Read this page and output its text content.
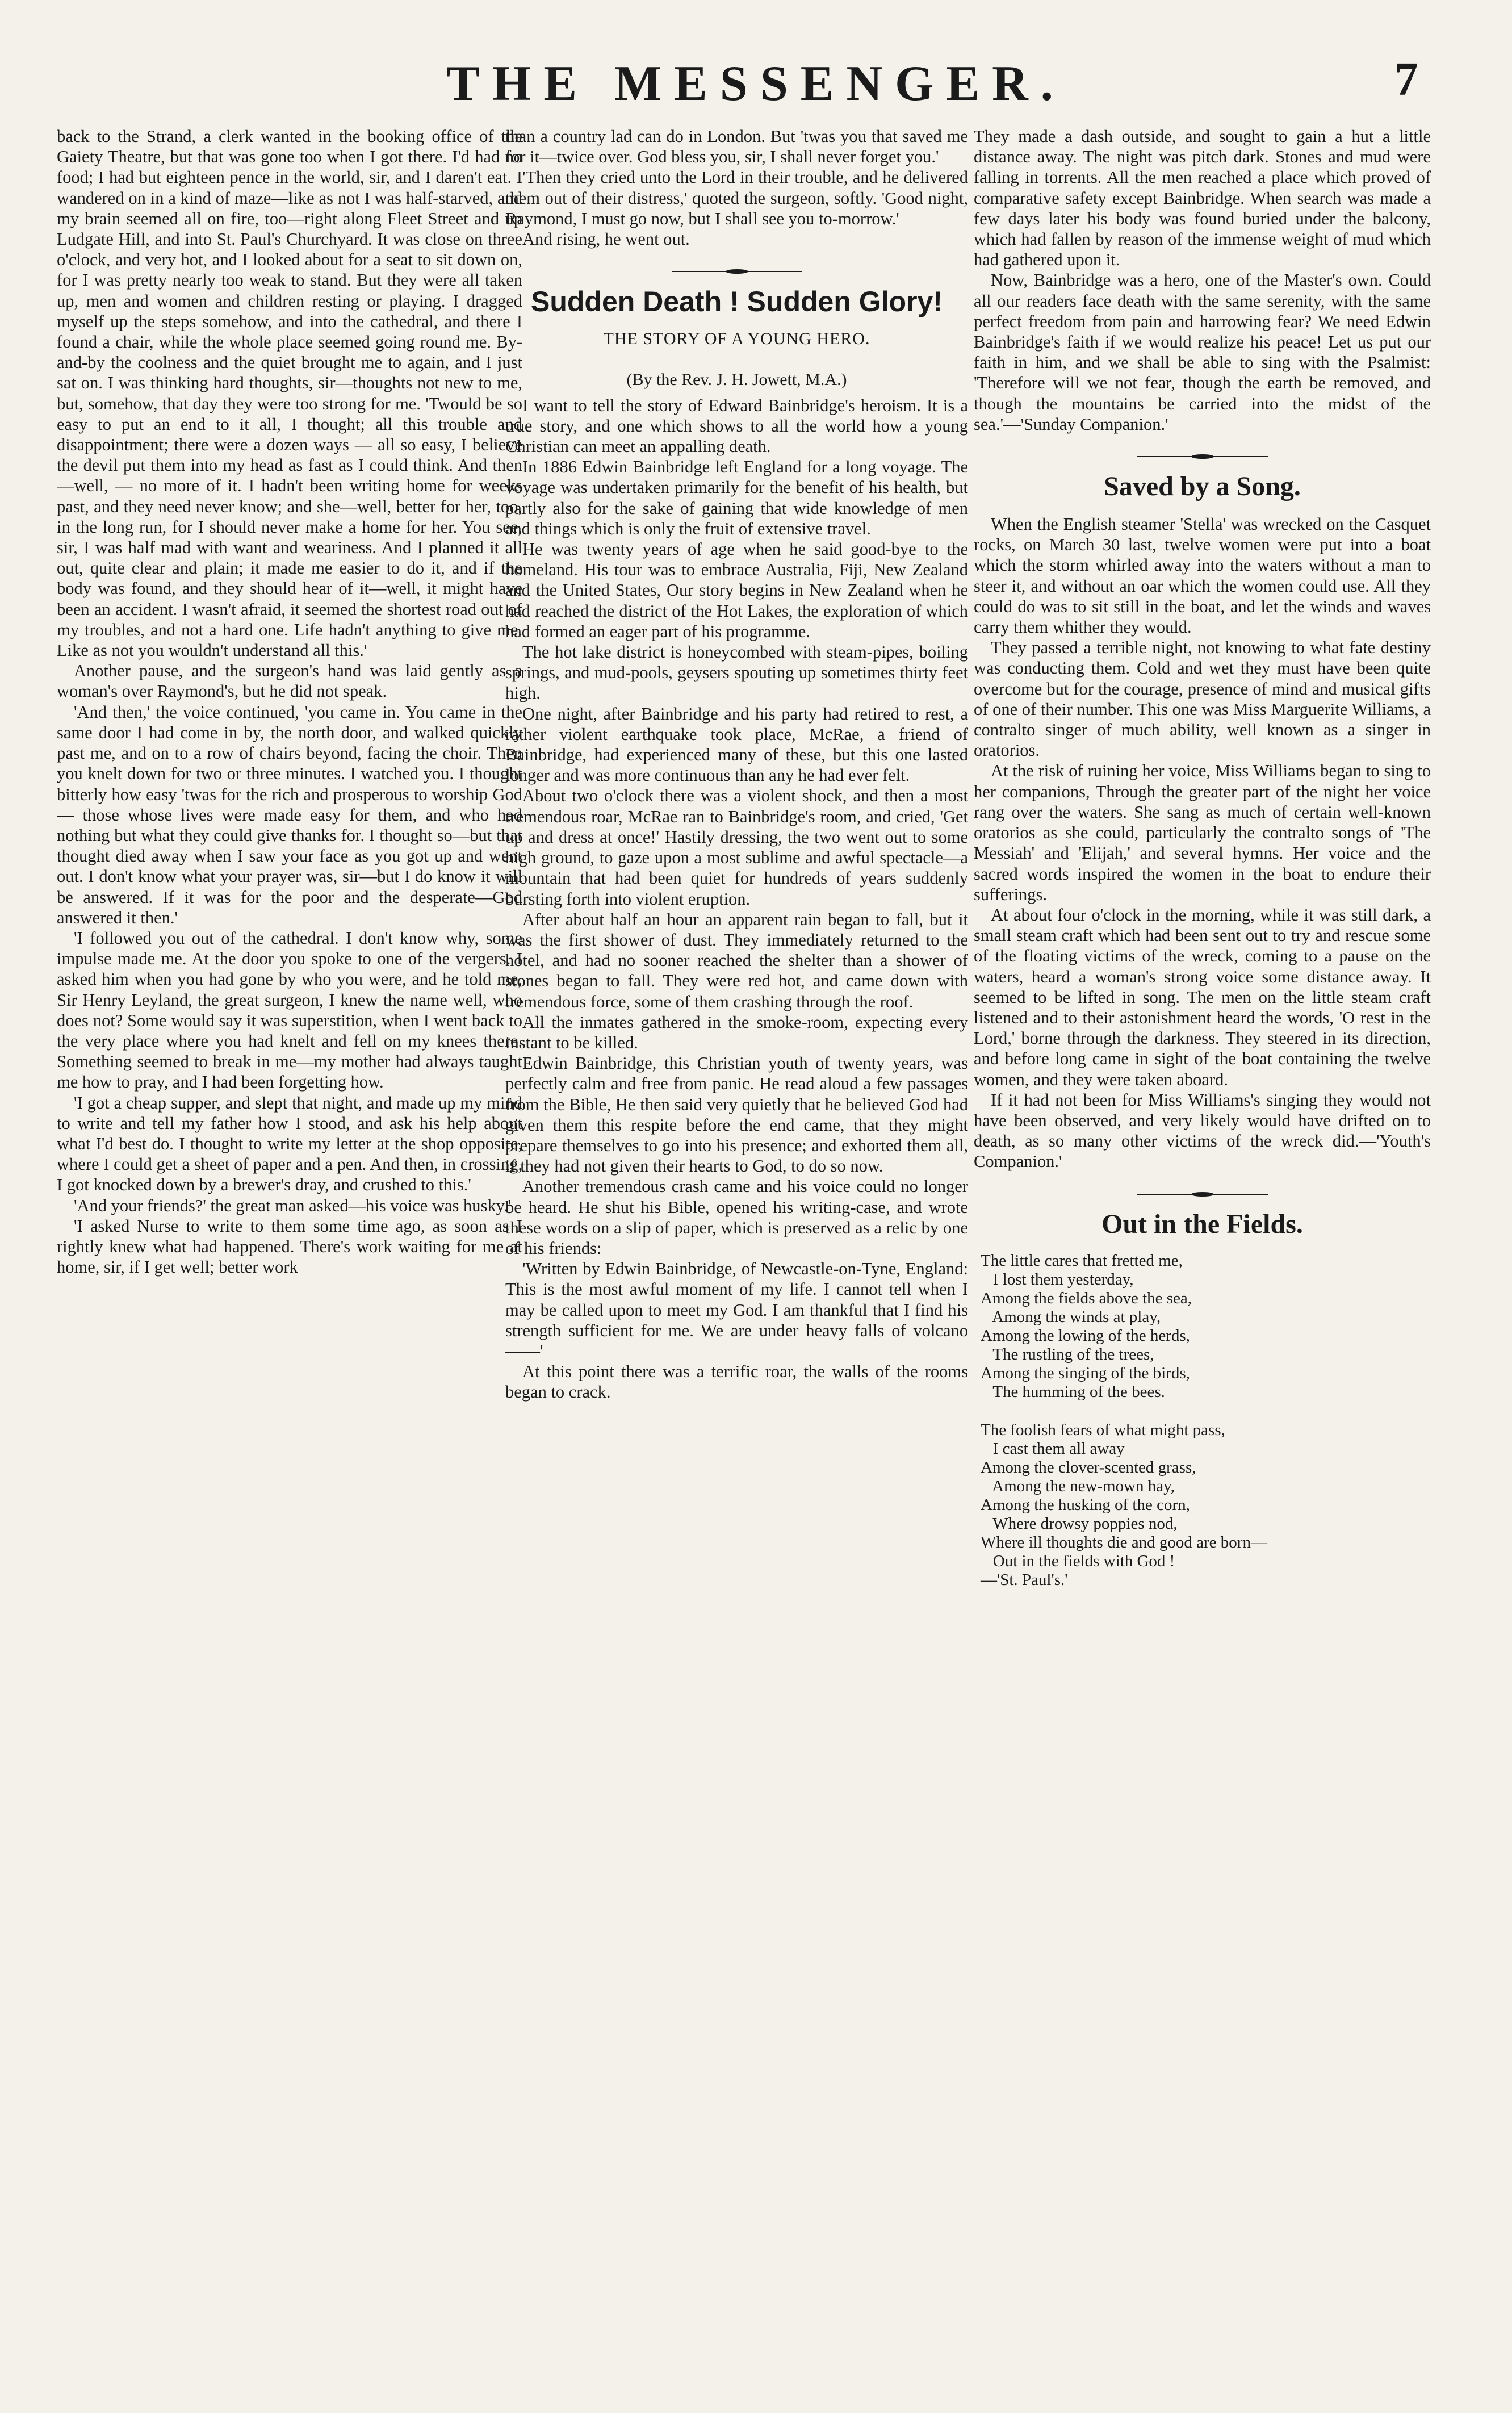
THE MESSENGER.	7

back to the Strand, a clerk wanted in the booking office of the Gaiety Theatre, but that was gone too when I got there. I'd had no food; I had but eighteen pence in the world, sir, and I daren't eat. I wandered on in a kind of maze—like as not I was half-starved, and my brain seemed all on fire, too—right along Fleet Street and up Ludgate Hill, and into St. Paul's Churchyard. It was close on three o'clock, and very hot, and I looked about for a seat to sit down on, for I was pretty nearly too weak to stand. But they were all taken up, men and women and children resting or playing. I dragged myself up the steps somehow, and into the cathedral, and there I found a chair, while the whole place seemed going round me. By-and-by the coolness and the quiet brought me to again, and I just sat on. I was thinking hard thoughts, sir—thoughts not new to me, but, somehow, that day they were too strong for me. 'Twould be so easy to put an end to it all, I thought; all this trouble and disappointment; there were a dozen ways — all so easy, I believe the devil put them into my head as fast as I could think. And then—well, — no more of it. I hadn't been writing home for weeks past, and they need never know; and she—well, better for her, too, in the long run, for I should never make a home for her. You see, sir, I was half mad with want and weariness. And I planned it all out, quite clear and plain; it made me easier to do it, and if the body was found, and they should hear of it—well, it might have been an accident. I wasn't afraid, it seemed the shortest road out of my troubles, and not a hard one. Life hadn't anything to give me. Like as not you wouldn't understand all this.'

Another pause, and the surgeon's hand was laid gently as a woman's over Raymond's, but he did not speak.

'And then,' the voice continued, 'you came in. You came in the same door I had come in by, the north door, and walked quickly past me, and on to a row of chairs beyond, facing the choir. Then you knelt down for two or three minutes. I watched you. I thought bitterly how easy 'twas for the rich and prosperous to worship God — those whose lives were made easy for them, and who had nothing but what they could give thanks for. I thought so—but that thought died away when I saw your face as you got up and went out. I don't know what your prayer was, sir—but I do know it will be answered. If it was for the poor and the desperate—God answered it then.'

'I followed you out of the cathedral. I don't know why, some impulse made me. At the door you spoke to one of the vergers. I asked him when you had gone by who you were, and he told me, Sir Henry Leyland, the great surgeon, I knew the name well, who does not? Some would say it was superstition, when I went back to the very place where you had knelt and fell on my knees there. Something seemed to break in me—my mother had always taught me how to pray, and I had been forgetting how.

'I got a cheap supper, and slept that night, and made up my mind to write and tell my father how I stood, and ask his help about what I'd best do. I thought to write my letter at the shop opposite, where I could get a sheet of paper and a pen. And then, in crossing, I got knocked down by a brewer's dray, and crushed to this.'

'And your friends?' the great man asked—his voice was husky.'

'I asked Nurse to write to them some time ago, as soon as I rightly knew what had happened. There's work waiting for me at home, sir, if I get well; better work

than a country lad can do in London. But 'twas you that saved me for it—twice over. God bless you, sir, I shall never forget you.'

'Then they cried unto the Lord in their trouble, and he delivered them out of their distress,' quoted the surgeon, softly. 'Good night, Raymond, I must go now, but I shall see you to-morrow.'

And rising, he went out.

Sudden Death ! Sudden Glory!
THE STORY OF A YOUNG HERO.
(By the Rev. J. H. Jowett, M.A.)

I want to tell the story of Edward Bainbridge's heroism. It is a true story, and one which shows to all the world how a young Christian can meet an appalling death.

In 1886 Edwin Bainbridge left England for a long voyage. The voyage was undertaken primarily for the benefit of his health, but partly also for the sake of gaining that wide knowledge of men and things which is only the fruit of extensive travel.

He was twenty years of age when he said good-bye to the homeland. His tour was to embrace Australia, Fiji, New Zealand and the United States, Our story begins in New Zealand when he had reached the district of the Hot Lakes, the exploration of which had formed an eager part of his programme.

The hot lake district is honeycombed with steam-pipes, boiling springs, and mud-pools, geysers spouting up sometimes thirty feet high.

One night, after Bainbridge and his party had retired to rest, a rather violent earthquake took place, McRae, a friend of Bainbridge, had experienced many of these, but this one lasted longer and was more continuous than any he had ever felt.

About two o'clock there was a violent shock, and then a most tremendous roar, McRae ran to Bainbridge's room, and cried, 'Get up and dress at once!' Hastily dressing, the two went out to some high ground, to gaze upon a most sublime and awful spectacle—a mountain that had been quiet for hundreds of years suddenly bursting forth into violent eruption.

After about half an hour an apparent rain began to fall, but it was the first shower of dust. They immediately returned to the hotel, and had no sooner reached the shelter than a shower of stones began to fall. They were red hot, and came down with tremendous force, some of them crashing through the roof.

All the inmates gathered in the smoke-room, expecting every instant to be killed.

Edwin Bainbridge, this Christian youth of twenty years, was perfectly calm and free from panic. He read aloud a few passages from the Bible, He then said very quietly that he believed God had given them this respite before the end came, that they might prepare themselves to go into his presence; and exhorted them all, if they had not given their hearts to God, to do so now.

Another tremendous crash came and his voice could no longer be heard. He shut his Bible, opened his writing-case, and wrote these words on a slip of paper, which is preserved as a relic by one of his friends:

'Written by Edwin Bainbridge, of Newcastle-on-Tyne, England: This is the most awful moment of my life. I cannot tell when I may be called upon to meet my God. I am thankful that I find his strength sufficient for me. We are under heavy falls of volcano——'

At this point there was a terrific roar, the walls of the rooms began to crack.

They made a dash outside, and sought to gain a hut a little distance away. The night was pitch dark. Stones and mud were falling in torrents. All the men reached a place which proved of comparative safety except Bainbridge. When search was made a few days later his body was found buried under the balcony, which had fallen by reason of the immense weight of mud which had gathered upon it.

Now, Bainbridge was a hero, one of the Master's own. Could all our readers face death with the same serenity, with the same perfect freedom from pain and harrowing fear? We need Edwin Bainbridge's faith if we would realize his peace! Let us put our faith in him, and we shall be able to sing with the Psalmist: 'Therefore will we not fear, though the earth be removed, and though the mountains be carried into the midst of the sea.'—'Sunday Companion.'

Saved by a Song.

When the English steamer 'Stella' was wrecked on the Casquet rocks, on March 30 last, twelve women were put into a boat which the storm whirled away into the waters without a man to steer it, and without an oar which the women could use. All they could do was to sit still in the boat, and let the winds and waves carry them whither they would.

They passed a terrible night, not knowing to what fate destiny was conducting them. Cold and wet they must have been quite overcome but for the courage, presence of mind and musical gifts of one of their number. This one was Miss Marguerite Williams, a contralto singer of much ability, well known as a singer in oratorios.

At the risk of ruining her voice, Miss Williams began to sing to her companions, Through the greater part of the night her voice rang over the waters. She sang as much of certain well-known oratorios as she could, particularly the contralto songs of 'The Messiah' and 'Elijah,' and several hymns. Her voice and the sacred words inspired the women in the boat to endure their sufferings.

At about four o'clock in the morning, while it was still dark, a small steam craft which had been sent out to try and rescue some of the floating victims of the wreck, coming to a pause on the waters, heard a woman's strong voice some distance away. It seemed to be lifted in song. The men on the little steam craft listened and to their astonishment heard the words, 'O rest in the Lord,' borne through the darkness. They steered in its direction, and before long came in sight of the boat containing the twelve women, and they were taken aboard.

If it had not been for Miss Williams's singing they would not have been observed, and very likely would have drifted on to death, as so many other victims of the wreck did.—'Youth's Companion.'

Out in the Fields.

The little cares that fretted me,

I lost them yesterday,

Among the fields above the sea,

Among the winds at play,

Among the lowing of the herds,

The rustling of the trees,

Among the singing of the birds,

The humming of the bees.

The foolish fears of what might pass,

I cast them all away

Among the clover-scented grass,

Among the new-mown hay,

Among the husking of the corn,

Where drowsy poppies nod,

Where ill thoughts die and good are born—

Out in the fields with God !

—'St. Paul's.'
